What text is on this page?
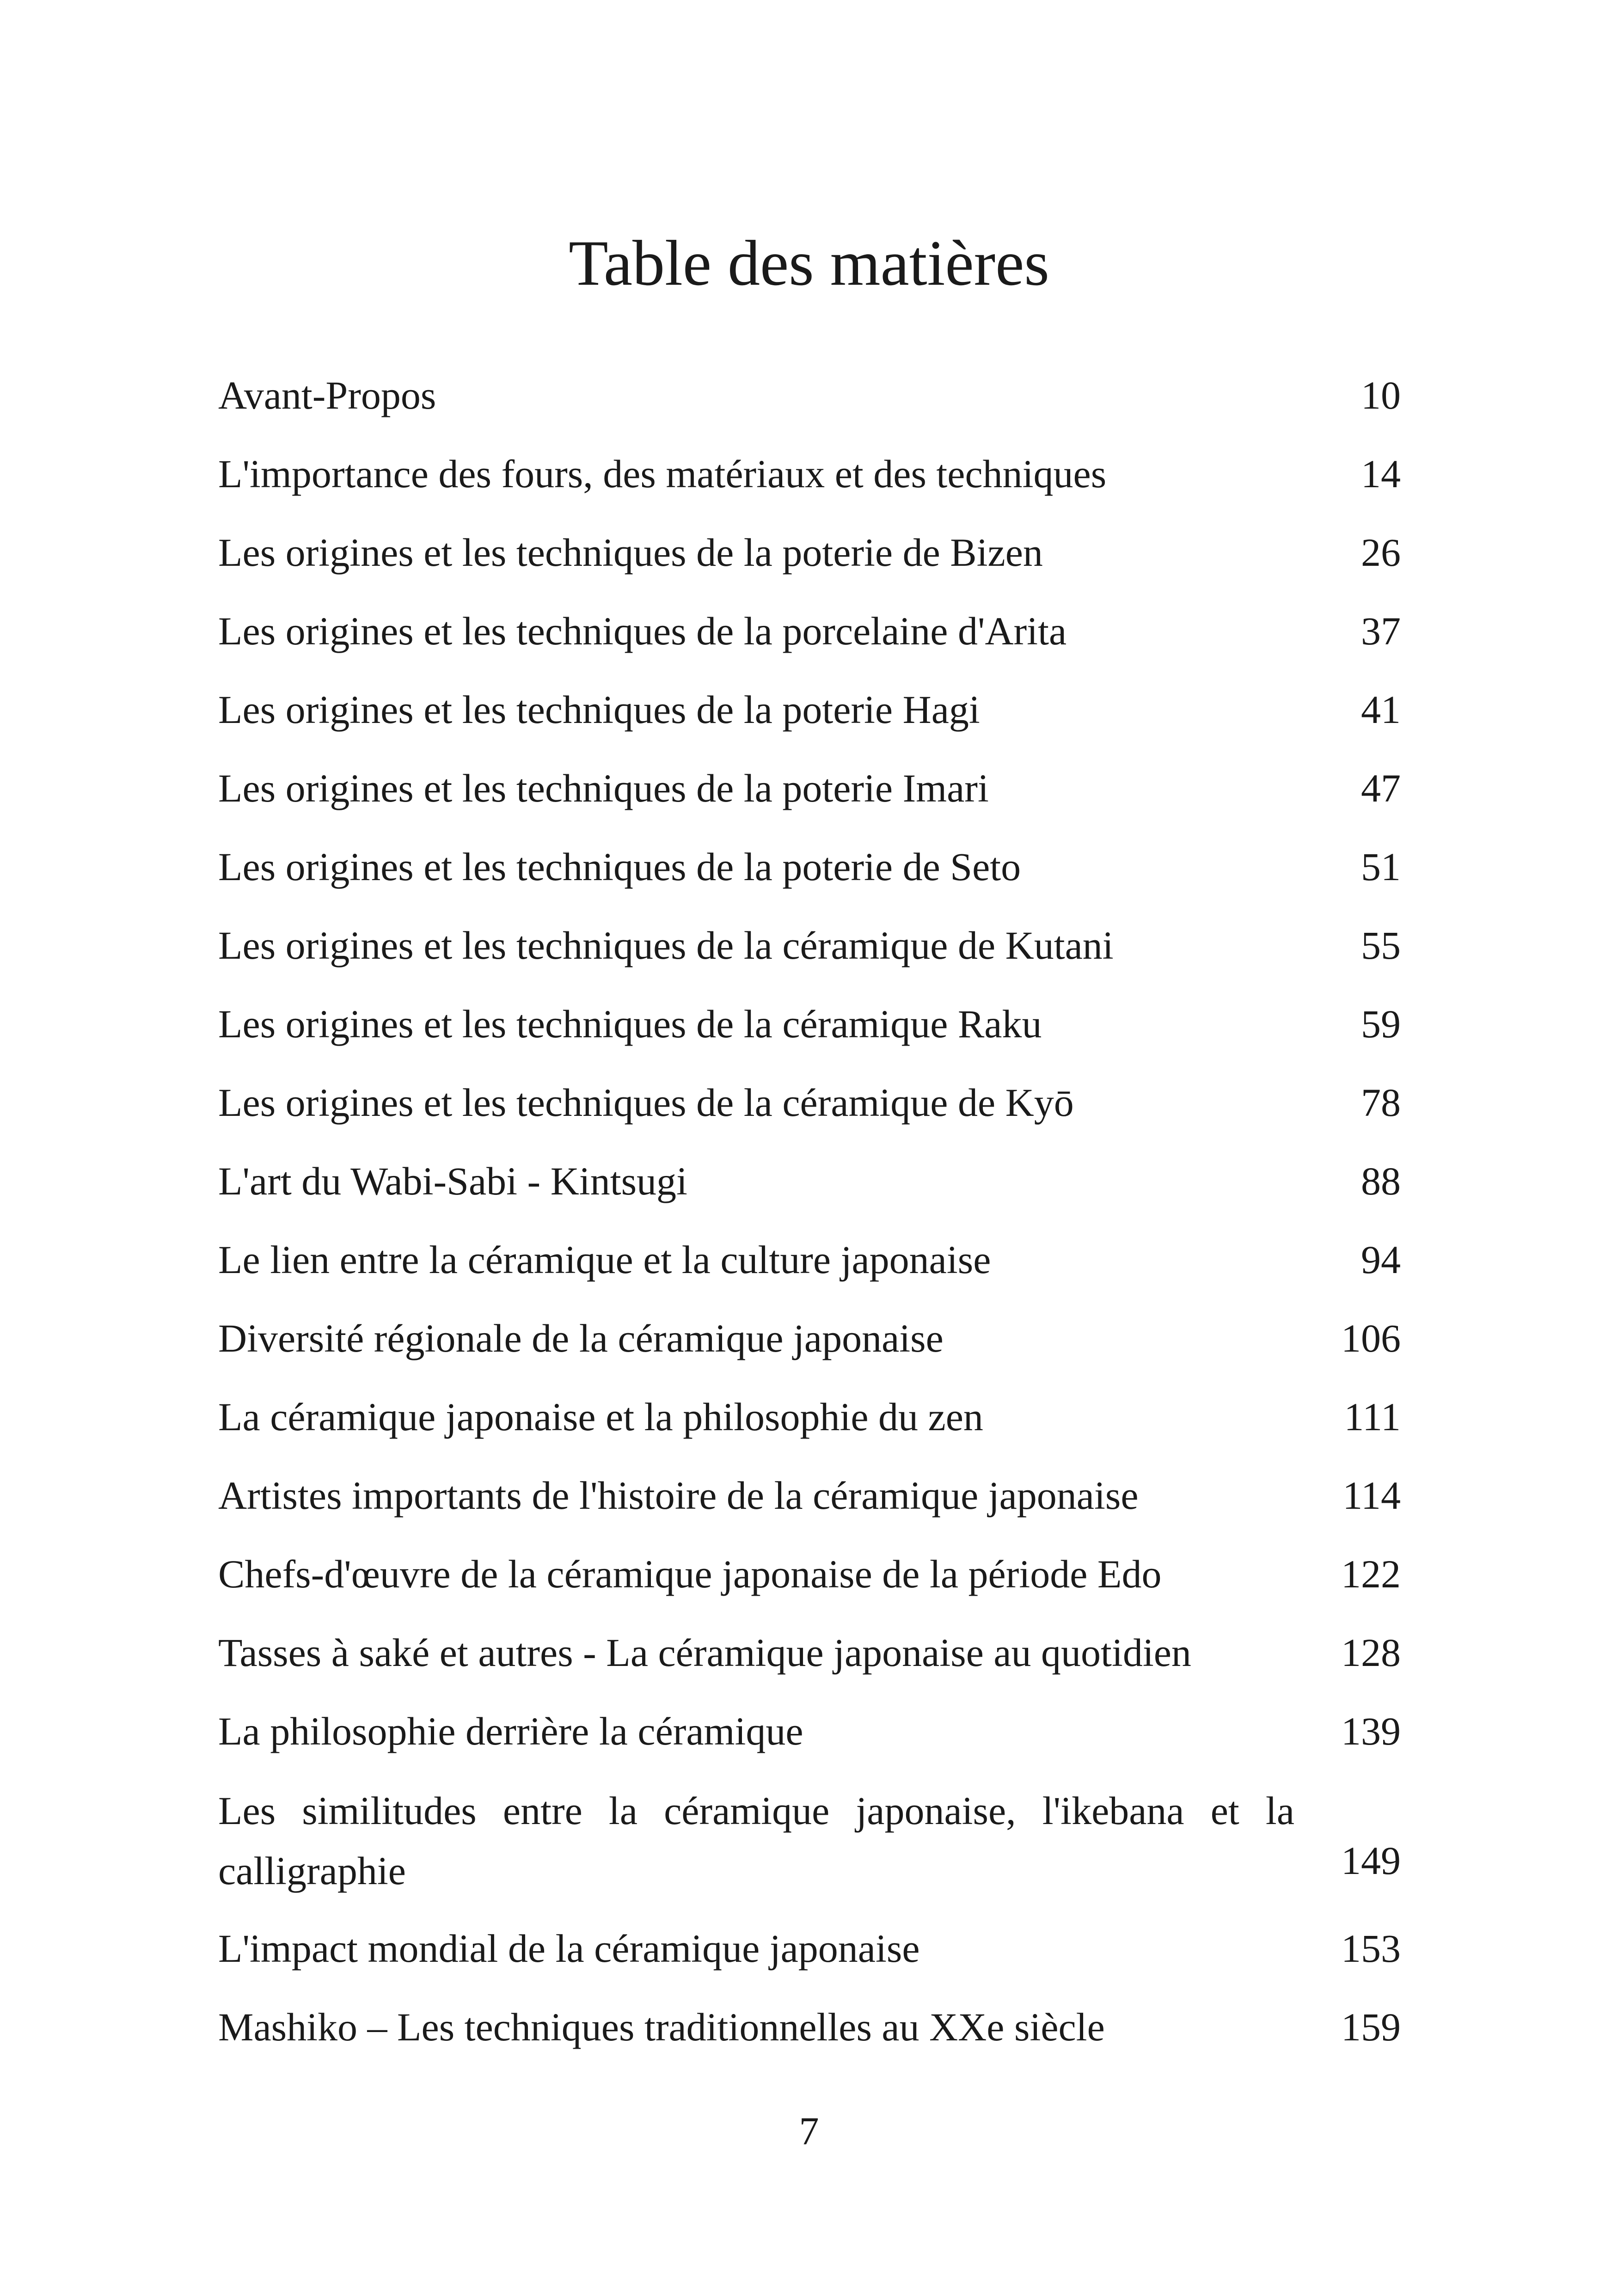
Table des matières
Avant-Propos	10
L'importance des fours, des matériaux et des techniques	14
Les origines et les techniques de la poterie de Bizen	26
Les origines et les techniques de la porcelaine d'Arita	37
Les origines et les techniques de la poterie Hagi	41
Les origines et les techniques de la poterie Imari	47
Les origines et les techniques de la poterie de Seto	51
Les origines et les techniques de la céramique de Kutani	55
Les origines et les techniques de la céramique Raku	59
Les origines et les techniques de la céramique de Kyō	78
L'art du Wabi-Sabi - Kintsugi	88
Le lien entre la céramique et la culture japonaise	94
Diversité régionale de la céramique japonaise	106
La céramique japonaise et la philosophie du zen	111
Artistes importants de l'histoire de la céramique japonaise	114
Chefs-d'œuvre de la céramique japonaise de la période Edo	122
Tasses à saké et autres - La céramique japonaise au quotidien	128
La philosophie derrière la céramique	139
Les similitudes entre la céramique japonaise, l'ikebana et la calligraphie	149
L'impact mondial de la céramique japonaise	153
Mashiko – Les techniques traditionnelles au XXe siècle	159
7
